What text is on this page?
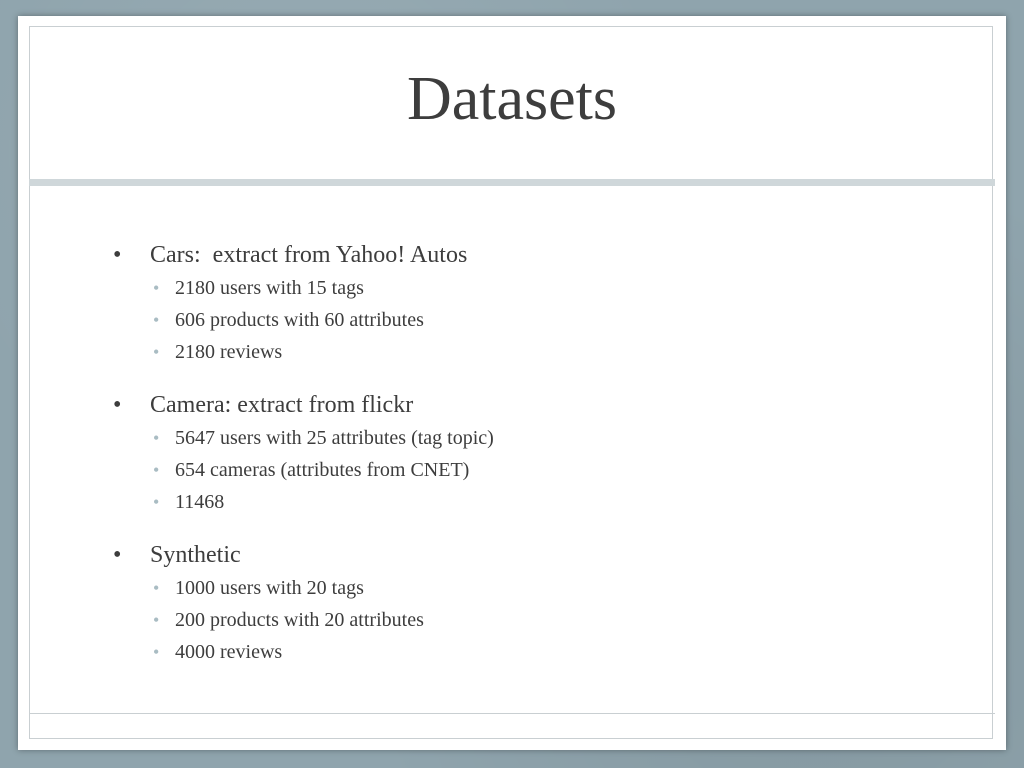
Datasets
• Cars:  extract from Yahoo! Autos
• 2180 users with 15 tags
• 606 products with 60 attributes
• 2180 reviews
• Camera: extract from flickr
• 5647 users with 25 attributes (tag topic)
• 654 cameras (attributes from CNET)
• 11468
• Synthetic
• 1000 users with 20 tags
• 200 products with 20 attributes
• 4000 reviews
